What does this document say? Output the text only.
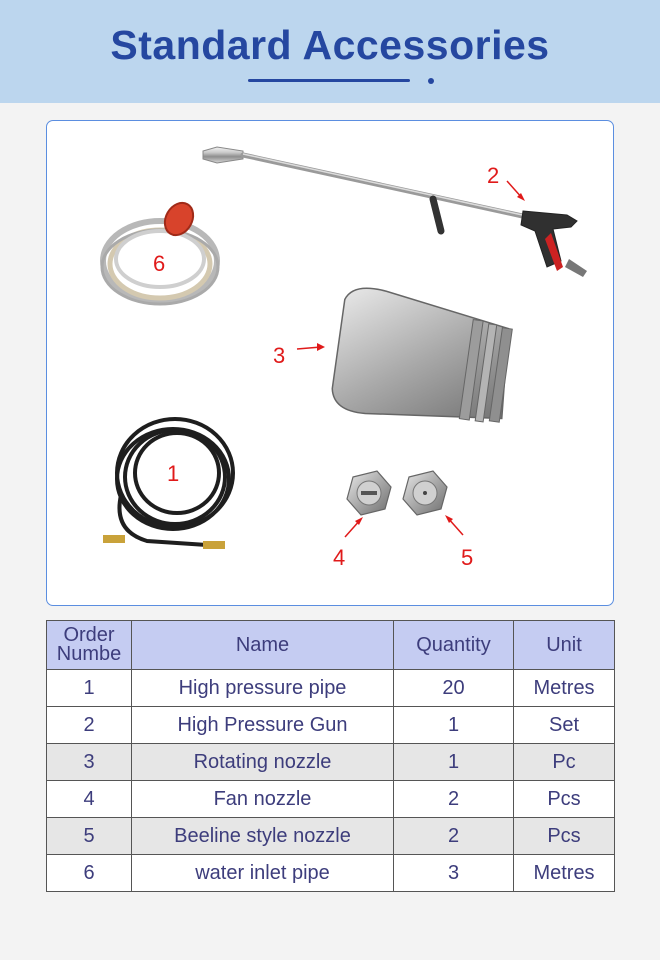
Standard Accessories
2
6
3
1
4	5
Order Numbe	Name	Quantity	Unit
1	High pressure pipe	20	Metres
2	High Pressure Gun	1	Set
3	Rotating nozzle	1	Pc
4	Fan nozzle	2	Pcs
5	Beeline style nozzle	2	Pcs
6	water inlet pipe	3	Metres
